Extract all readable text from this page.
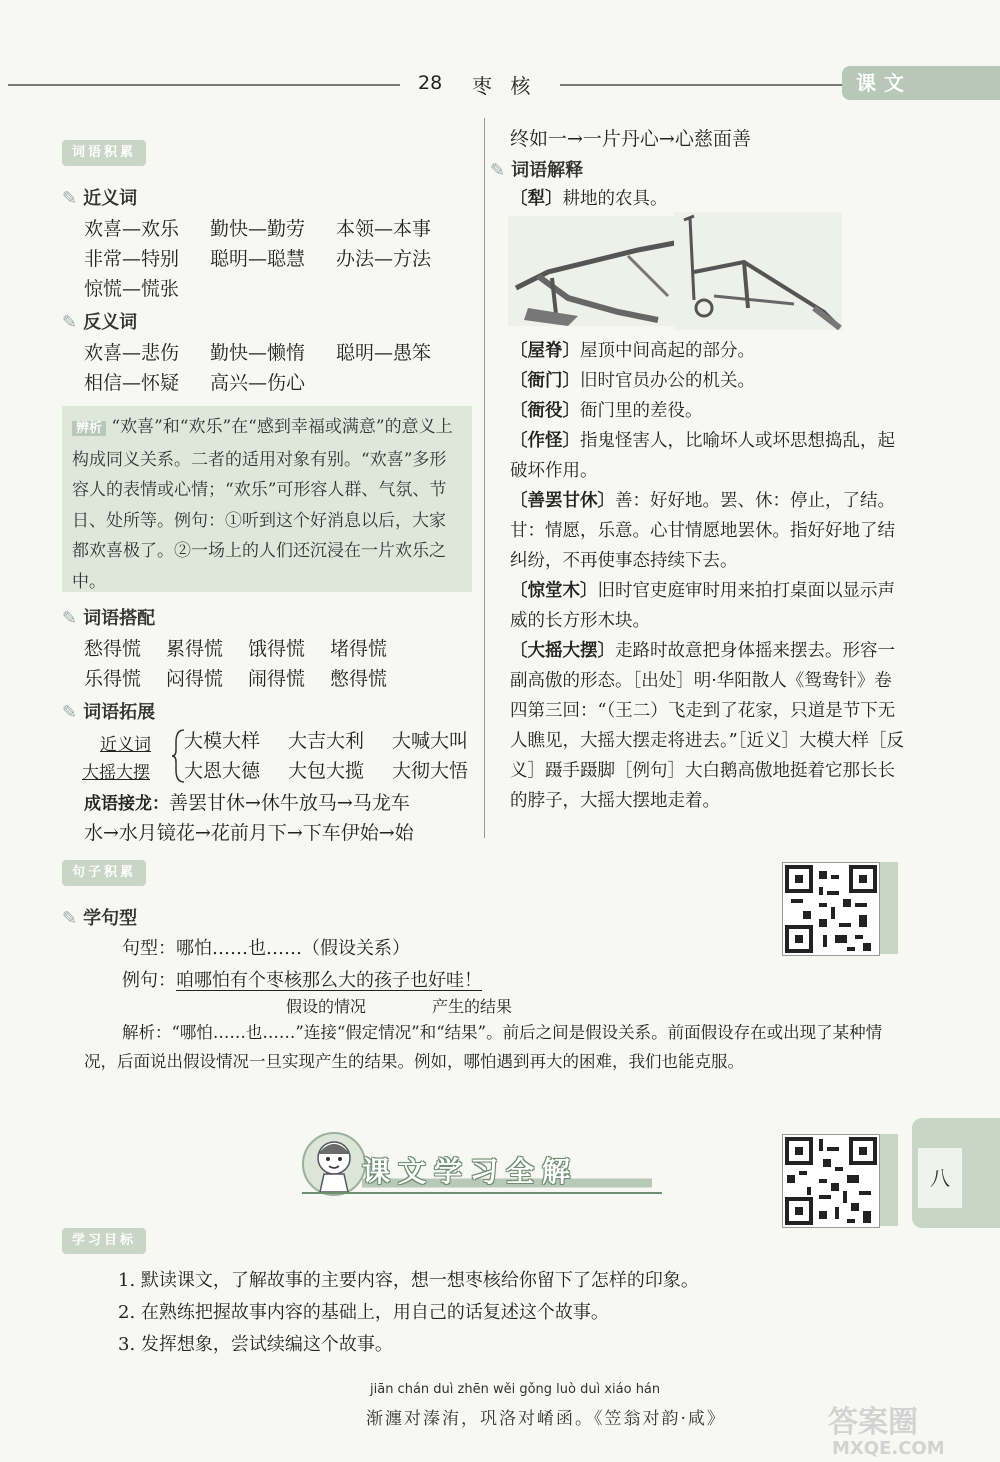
28 枣 核	课文
词语积累
✎ 近义词
欢喜—欢乐 勤快—勤劳 本领—本事
非常—特别 聪明—聪慧 办法—方法
惊慌—慌张
✎ 反义词
欢喜—悲伤 勤快—懒惰 聪明—愚笨
相信—怀疑 高兴—伤心
辨析 “欢喜”和“欢乐”在“感到幸福或满意”的意义上构成同义关系。二者的适用对象有别。“欢喜”多形容人的表情或心情；“欢乐”可形容人群、气氛、节日、处所等。例句：①听到这个好消息以后，大家都欢喜极了。②一场上的人们还沉浸在一片欢乐之中。
✎ 词语搭配
愁得慌 累得慌 饿得慌 堵得慌
乐得慌 闷得慌 闹得慌 憋得慌
✎ 词语拓展
近义词
大摇大摆
大模大样 大吉大利 大喊大叫
大恩大德 大包大揽 大彻大悟
成语接龙：善罢甘休→休牛放马→马龙车
水→水月镜花→花前月下→下车伊始→始
终如一→一片丹心→心慈面善
✎ 词语解释
〔犁〕耕地的农具。
〔屋脊〕屋顶中间高起的部分。
〔衙门〕旧时官员办公的机关。
〔衙役〕衙门里的差役。
〔作怪〕指鬼怪害人，比喻坏人或坏思想捣乱，起破坏作用。
〔善罢甘休〕善：好好地。罢、休：停止，了结。甘：情愿，乐意。心甘情愿地罢休。指好好地了结纠纷，不再使事态持续下去。
〔惊堂木〕旧时官吏庭审时用来拍打桌面以显示声威的长方形木块。
〔大摇大摆〕走路时故意把身体摇来摆去。形容一副高傲的形态。［出处］明·华阳散人《鸳鸯针》卷四第三回：“（王二）飞走到了花家，只道是节下无人瞧见，大摇大摆走将进去。”［近义］大模大样［反义］蹑手蹑脚［例句］大白鹅高傲地挺着它那长长的脖子，大摇大摆地走着。
句子积累
✎ 学句型
句型：哪怕……也……（假设关系）
例句：咱哪怕有个枣核那么大的孩子也好哇！
假设的情况	产生的结果
解析：“哪怕……也……”连接“假定情况”和“结果”。前后之间是假设关系。前面假设存在或出现了某种情况，后面说出假设情况一旦实现产生的结果。例如，哪怕遇到再大的困难，我们也能克服。
课文学习全解	八
学习目标
1. 默读课文，了解故事的主要内容，想一想枣核给你留下了怎样的印象。
2. 在熟练把握故事内容的基础上，用自己的话复述这个故事。
3. 发挥想象，尝试续编这个故事。
jiān chán duì zhēn wěi gǒng luò duì xiáo hán
渐瀍对溱洧，巩洛对崤函。《笠翁对韵·咸》	答案圈
MXQE.COM
